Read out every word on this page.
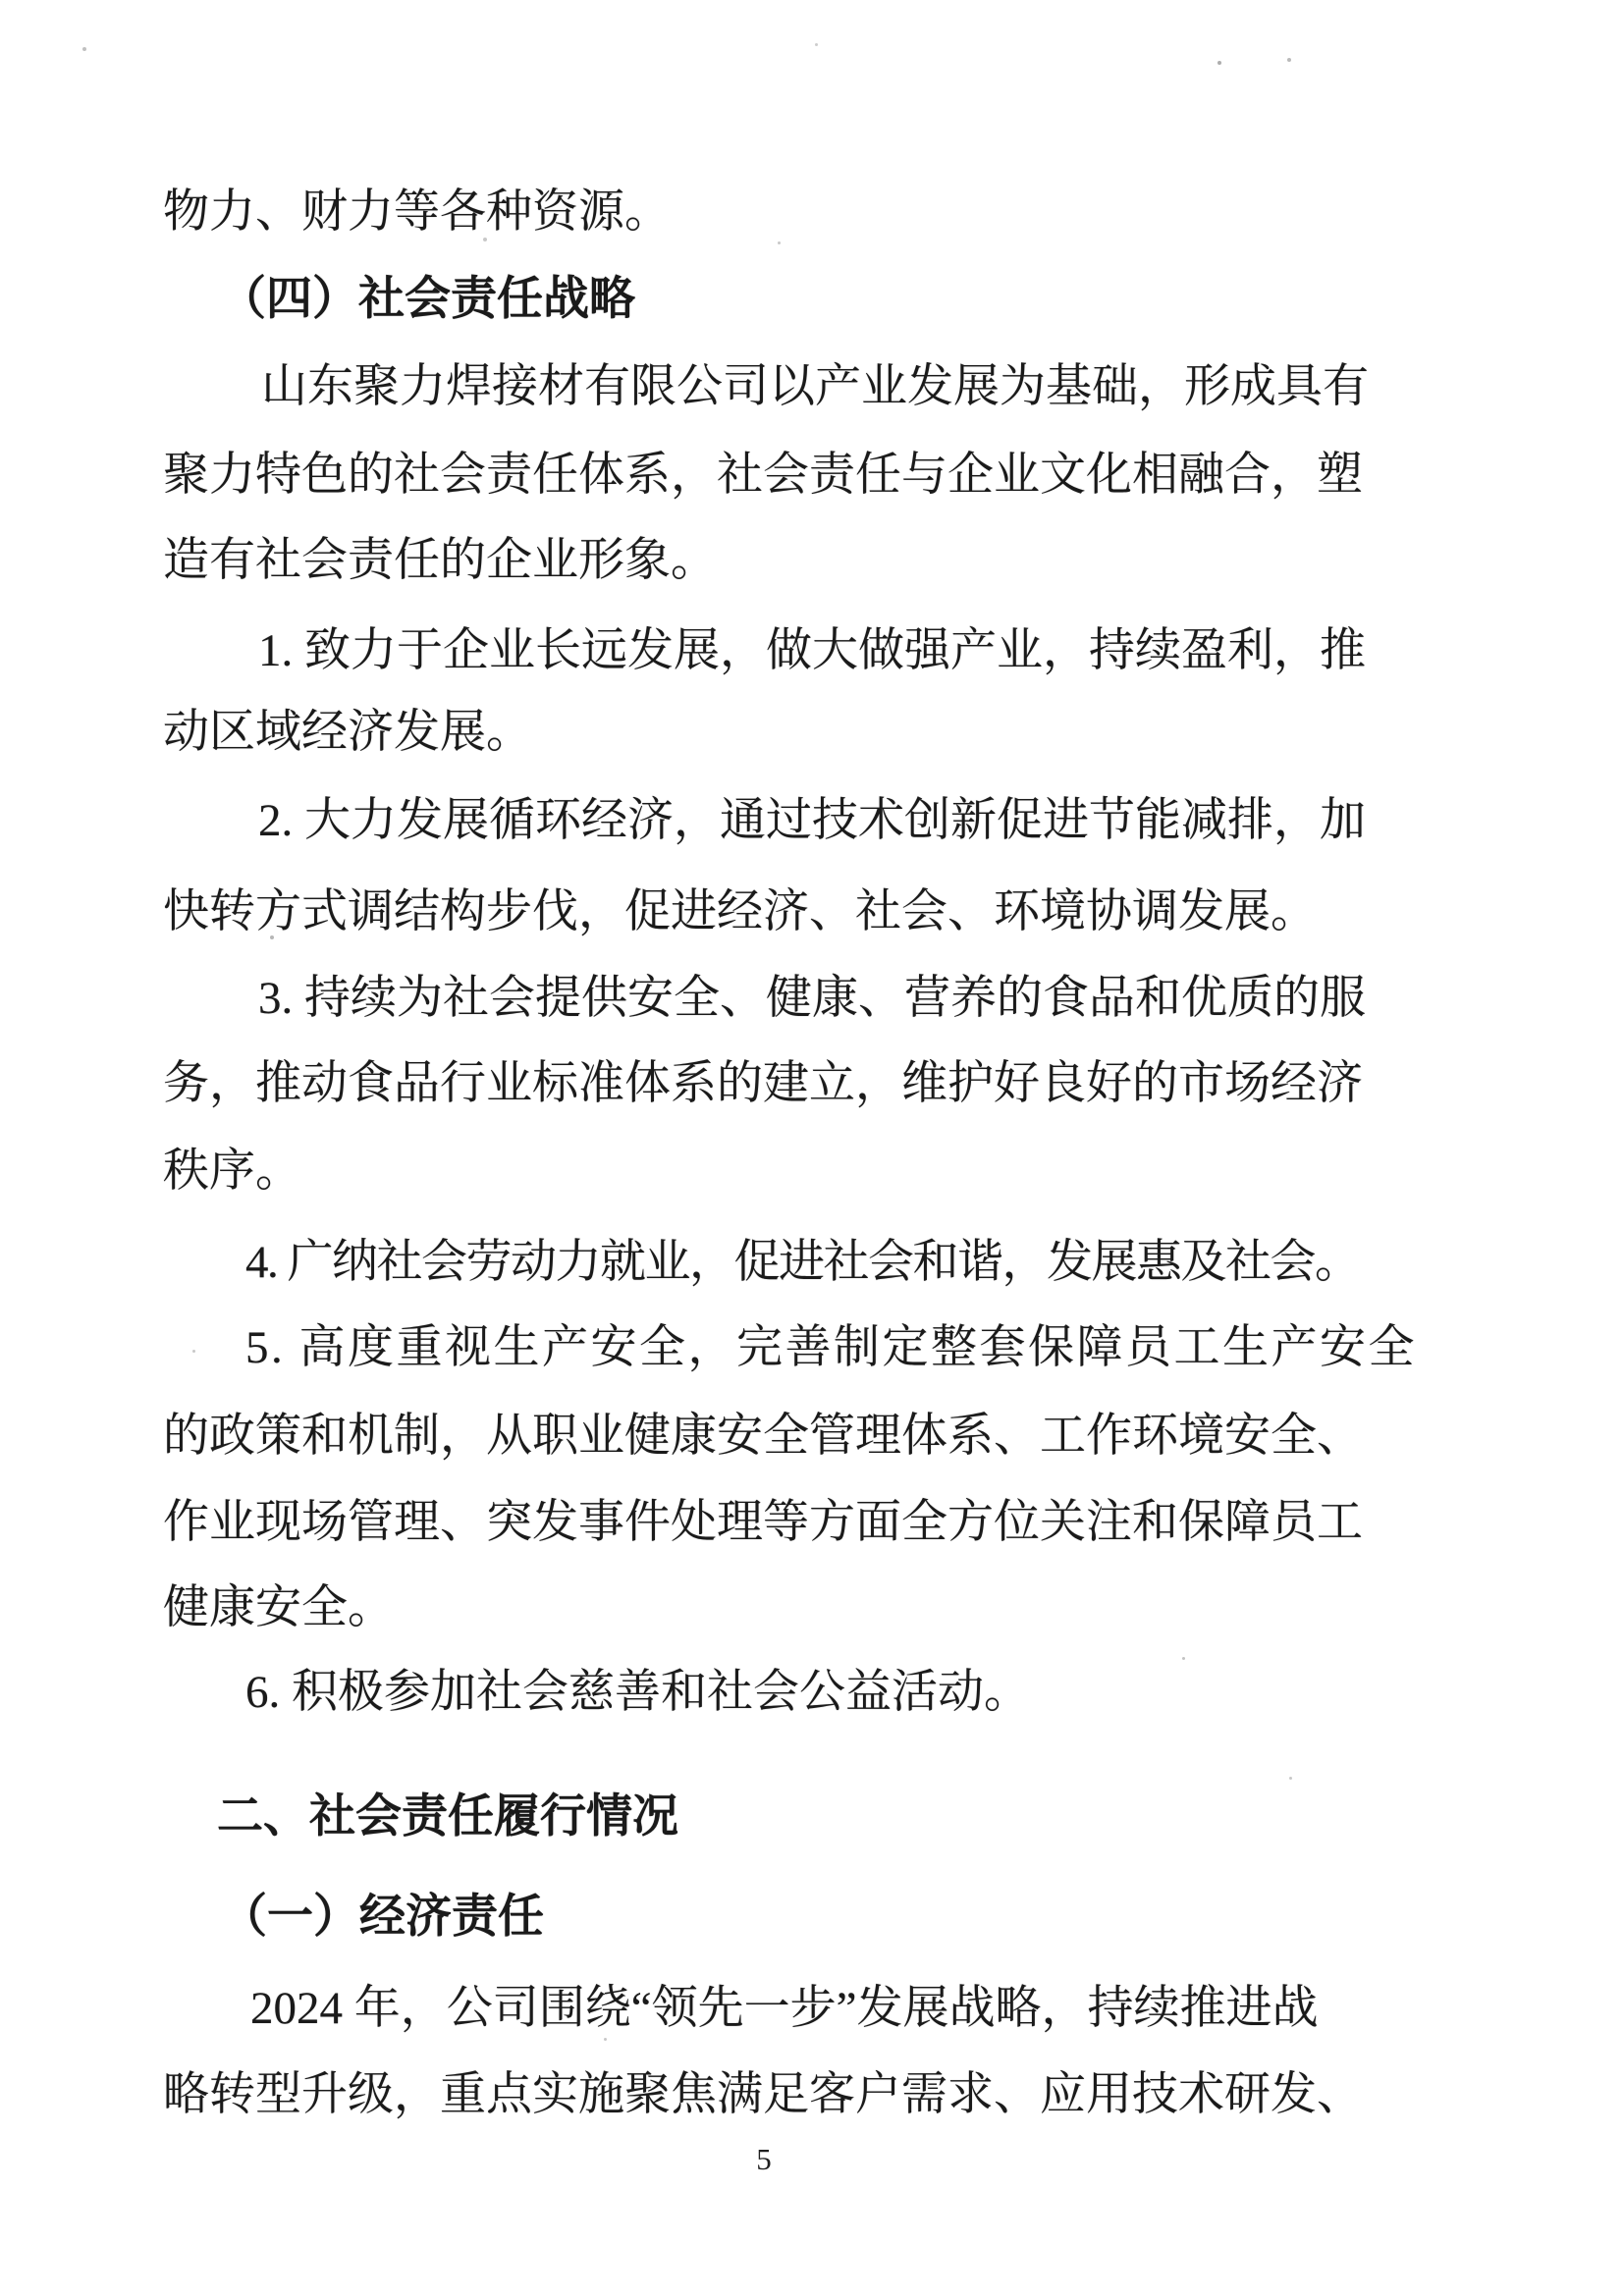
物力、财力等各种资源。
（四）社会责任战略
山东聚力焊接材有限公司以产业发展为基础，形成具有
聚力特色的社会责任体系，社会责任与企业文化相融合，塑
造有社会责任的企业形象。
1. 致力于企业长远发展，做大做强产业，持续盈利，推
动区域经济发展。
2. 大力发展循环经济，通过技术创新促进节能减排，加
快转方式调结构步伐，促进经济、社会、环境协调发展。
3. 持续为社会提供安全、健康、营养的食品和优质的服
务，推动食品行业标准体系的建立，维护好良好的市场经济
秩序。
4. 广纳社会劳动力就业，促进社会和谐，发展惠及社会。
5. 高度重视生产安全，完善制定整套保障员工生产安全
的政策和机制，从职业健康安全管理体系、工作环境安全、
作业现场管理、突发事件处理等方面全方位关注和保障员工
健康安全。
6. 积极参加社会慈善和社会公益活动。
二、社会责任履行情况
（一）经济责任
2024 年，公司围绕“领先一步”发展战略，持续推进战
略转型升级，重点实施聚焦满足客户需求、应用技术研发、
5
